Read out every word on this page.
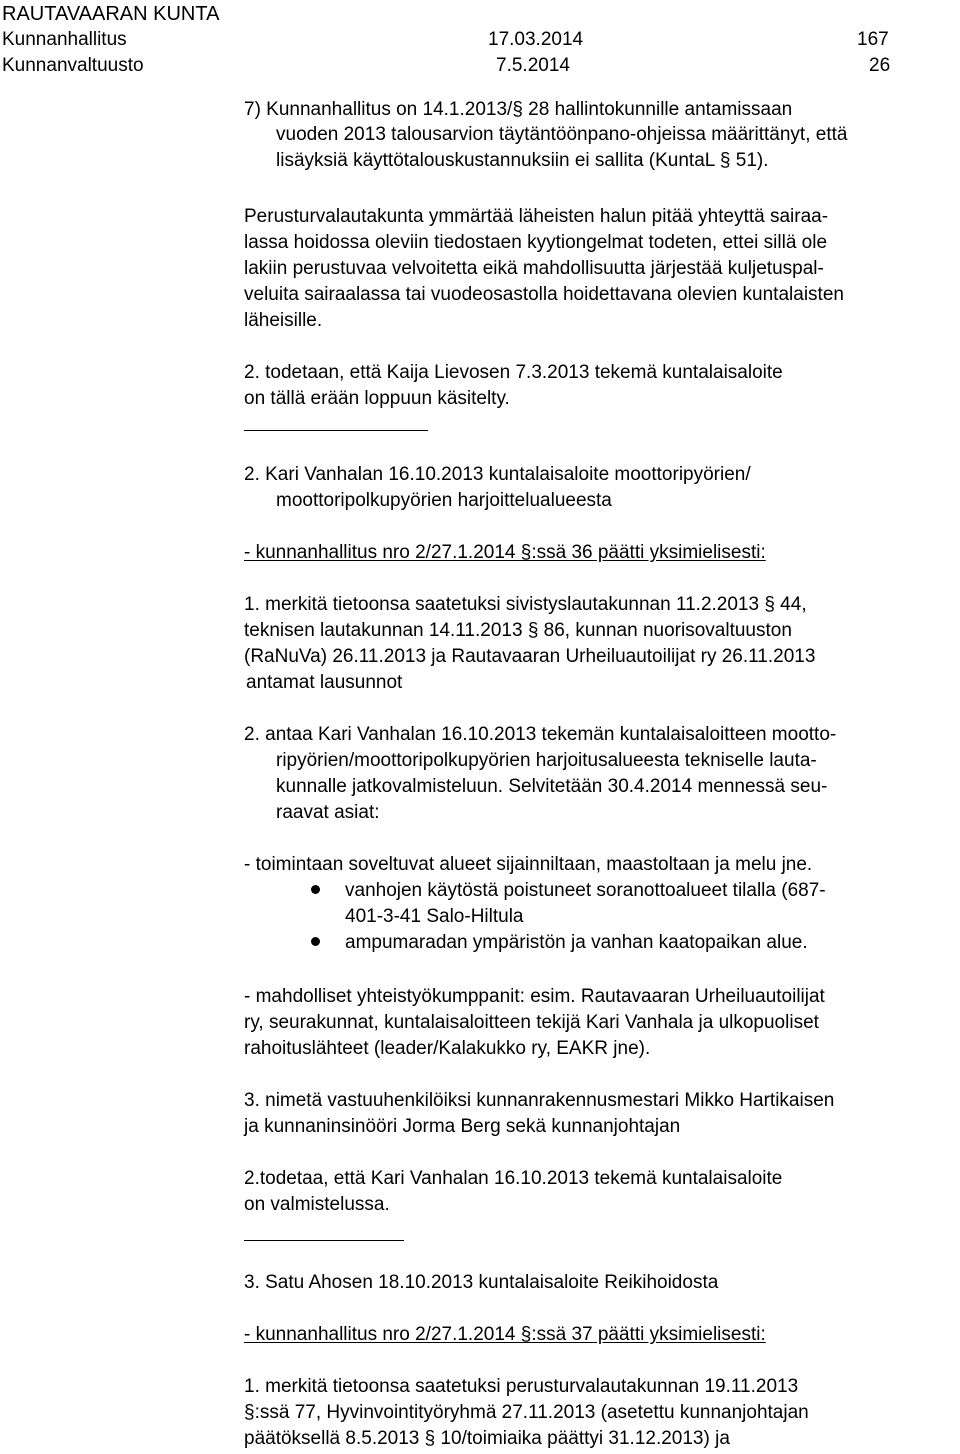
RAUTAVAARAN KUNTA
Kunnanhallitus	17.03.2014	167
Kunnanvaltuusto	7.5.2014	26
7) Kunnanhallitus on 14.1.2013/§ 28 hallintokunnille antamissaan
vuoden 2013 talousarvion täytäntöönpano-ohjeissa määrittänyt, että
lisäyksiä käyttötalouskustannuksiin ei sallita (KuntaL § 51).
Perusturvalautakunta ymmärtää läheisten halun pitää yhteyttä sairaa-
lassa hoidossa oleviin tiedostaen kyytiongelmat todeten, ettei sillä ole
lakiin perustuvaa velvoitetta eikä mahdollisuutta järjestää kuljetuspal-
veluita sairaalassa tai vuodeosastolla hoidettavana olevien kuntalaisten
läheisille.
2. todetaan, että Kaija Lievosen 7.3.2013 tekemä kuntalaisaloite
on tällä erään loppuun käsitelty.
2. Kari Vanhalan 16.10.2013 kuntalaisaloite moottoripyörien/
moottoripolkupyörien harjoittelualueesta
- kunnanhallitus nro 2/27.1.2014 §:ssä 36 päätti yksimielisesti:
1. merkitä tietoonsa saatetuksi sivistyslautakunnan 11.2.2013 § 44,
teknisen lautakunnan 14.11.2013 § 86, kunnan nuorisovaltuuston
(RaNuVa) 26.11.2013 ja Rautavaaran Urheiluautoilijat ry 26.11.2013
antamat lausunnot
2. antaa Kari Vanhalan 16.10.2013 tekemän kuntalaisaloitteen mootto-
ripyörien/moottoripolkupyörien harjoitusalueesta tekniselle lauta-
kunnalle jatkovalmisteluun. Selvitetään 30.4.2014 mennessä seu-
raavat asiat:
- toimintaan soveltuvat alueet sijainniltaan, maastoltaan ja melu jne.
vanhojen käytöstä poistuneet soranottoalueet tilalla (687-
401-3-41 Salo-Hiltula
ampumaradan ympäristön ja vanhan kaatopaikan alue.
- mahdolliset yhteistyökumppanit: esim. Rautavaaran Urheiluautoilijat
ry, seurakunnat, kuntalaisaloitteen tekijä Kari Vanhala ja ulkopuoliset
rahoituslähteet (leader/Kalakukko ry, EAKR jne).
3. nimetä vastuuhenkilöiksi kunnanrakennusmestari Mikko Hartikaisen
ja kunnaninsinööri Jorma Berg sekä kunnanjohtajan
2.todetaa, että Kari Vanhalan 16.10.2013 tekemä kuntalaisaloite
on valmistelussa.
3. Satu Ahosen 18.10.2013 kuntalaisaloite Reikihoidosta
- kunnanhallitus nro 2/27.1.2014 §:ssä 37 päätti yksimielisesti:
1. merkitä tietoonsa saatetuksi perusturvalautakunnan 19.11.2013
§:ssä 77, Hyvinvointityöryhmä 27.11.2013 (asetettu kunnanjohtajan
päätöksellä 8.5.2013 § 10/toimiaika päättyi 31.12.2013) ja
